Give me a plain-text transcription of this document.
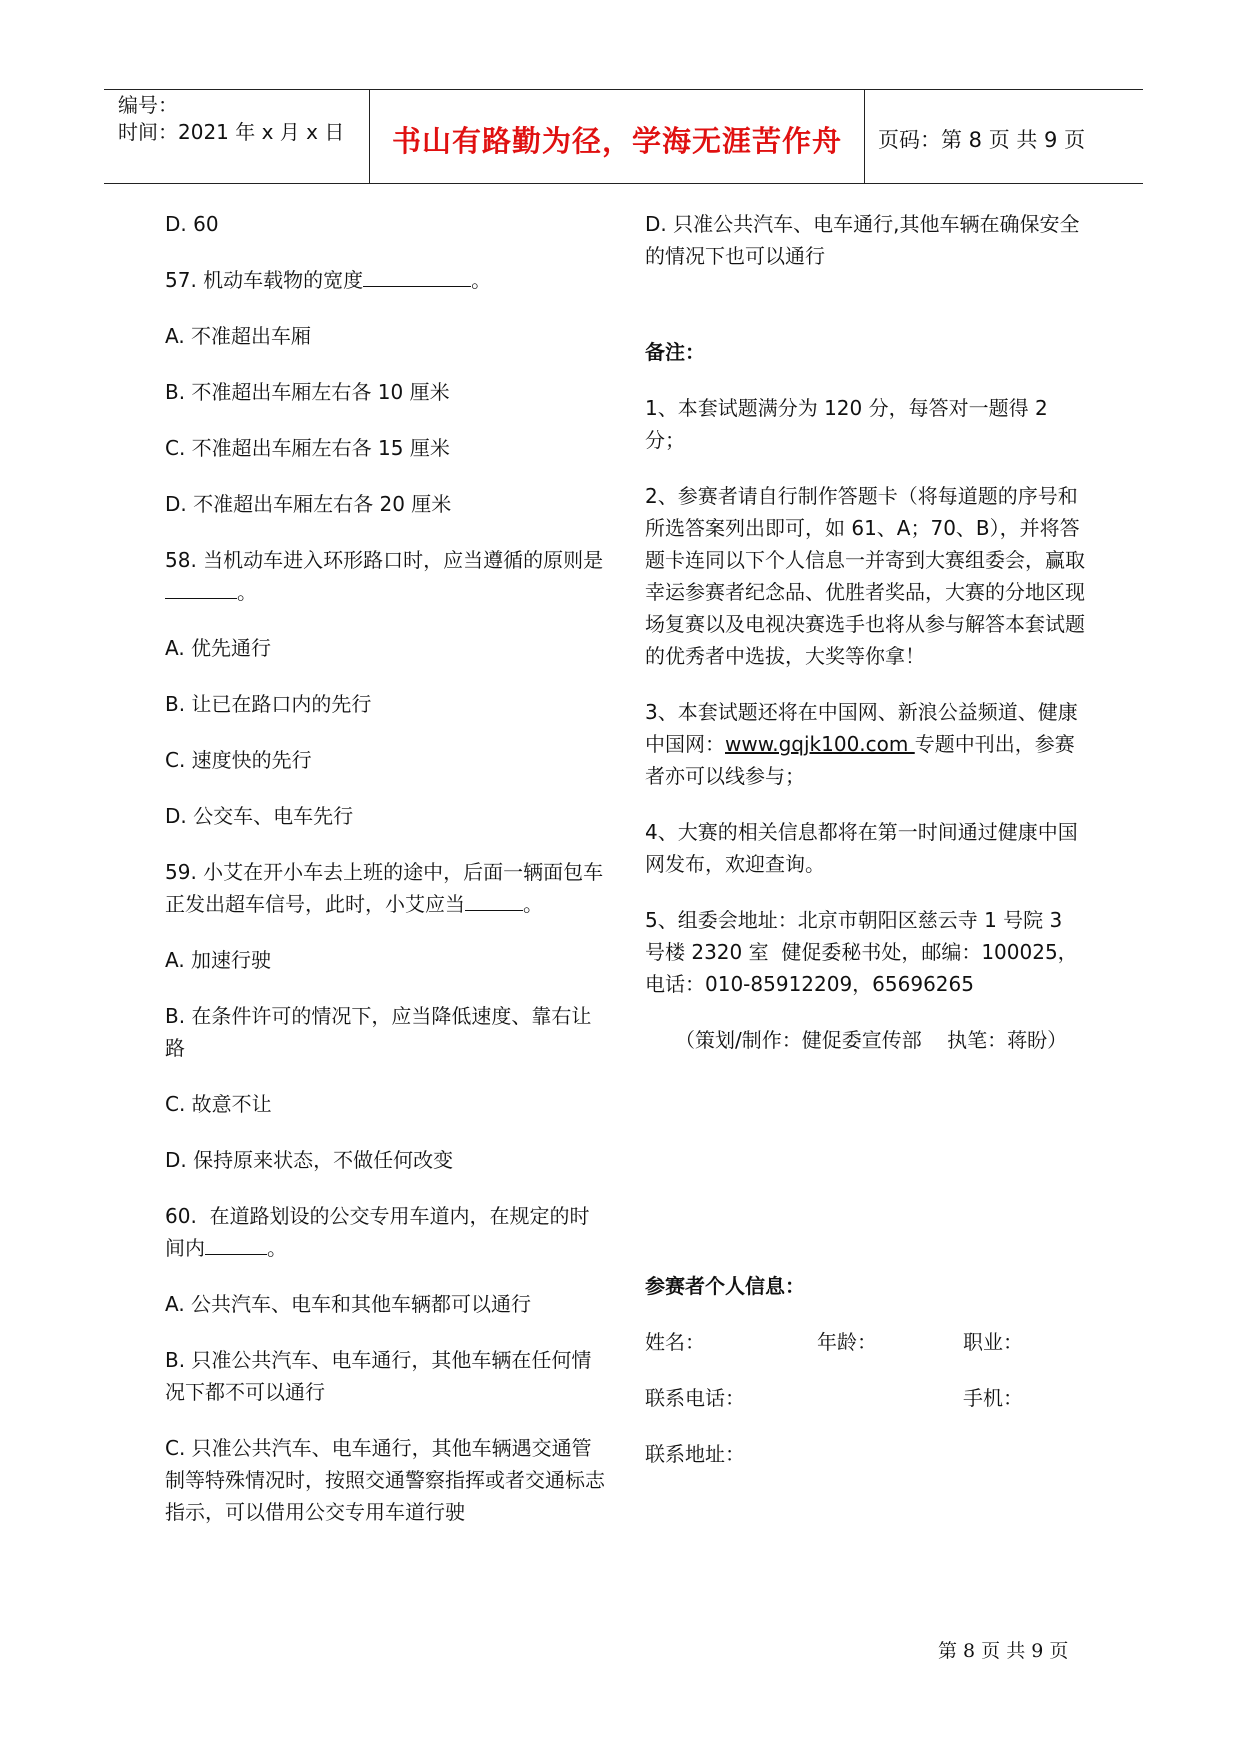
编号：
时间：2021 年 x 月 x 日	书山有路勤为径，学海无涯苦作舟	页码：第 8 页 共 9 页

D. 60

57. 机动车载物的宽度	。

A. 不准超出车厢

B. 不准超出车厢左右各 10 厘米

C. 不准超出车厢左右各 15 厘米

D. 不准超出车厢左右各 20 厘米

58. 当机动车进入环形路口时，应当遵循的原则是。

A. 优先通行

B. 让已在路口内的先行

C. 速度快的先行

D. 公交车、电车先行

59. 小艾在开小车去上班的途中，后面一辆面包车正发出超车信号，此时，小艾应当	。

A. 加速行驶

B. 在条件许可的情况下，应当降低速度、靠右让路

C. 故意不让

D. 保持原来状态，不做任何改变

60.  在道路划设的公交专用车道内，在规定的时间内	。

A. 公共汽车、电车和其他车辆都可以通行

B. 只准公共汽车、电车通行，其他车辆在任何情况下都不可以通行

C. 只准公共汽车、电车通行，其他车辆遇交通管制等特殊情况时，按照交通警察指挥或者交通标志指示，可以借用公交专用车道行驶

D. 只准公共汽车、电车通行,其他车辆在确保安全的情况下也可以通行

备注：

1、本套试题满分为 120 分，每答对一题得 2 分；

2、参赛者请自行制作答题卡（将每道题的序号和所选答案列出即可，如 61、A；70、B），并将答题卡连同以下个人信息一并寄到大赛组委会，赢取幸运参赛者纪念品、优胜者奖品，大赛的分地区现场复赛以及电视决赛选手也将从参与解答本套试题的优秀者中选拔，大奖等你拿！

3、本套试题还将在中国网、新浪公益频道、健康中国网：www.gqjk100.com 专题中刊出，参赛者亦可以线参与；

4、大赛的相关信息都将在第一时间通过健康中国网发布，欢迎查询。

5、组委会地址：北京市朝阳区慈云寺 1 号院 3 号楼 2320 室  健促委秘书处，邮编：100025，电话：010-85912209，65696265

（策划/制作：健促委宣传部    执笔：蒋盼）

参赛者个人信息：

姓名：	年龄：	职业：
联系电话：	手机：
联系地址：
第 8 页 共 9 页
